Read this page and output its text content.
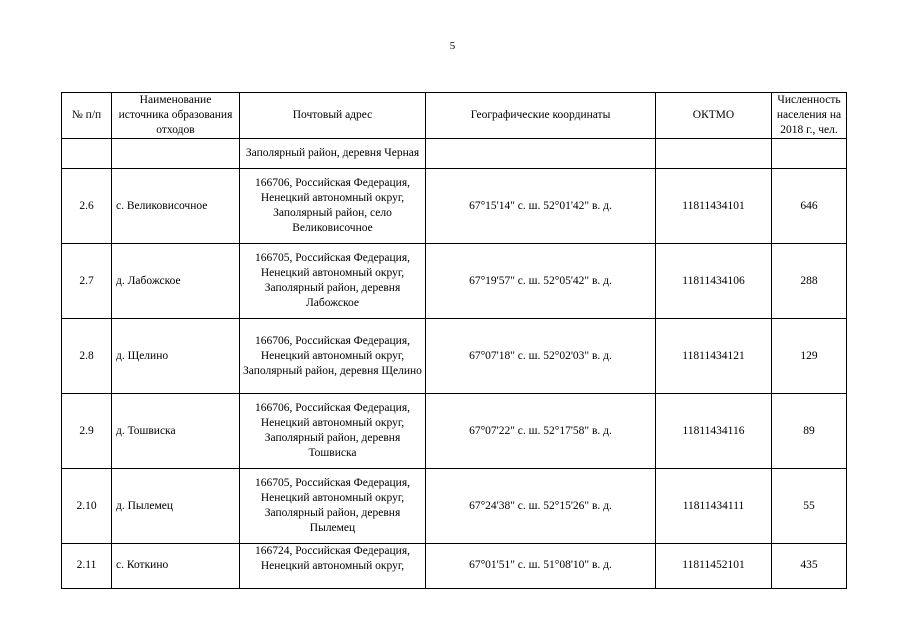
5
№ п/п	Наименование источника образования отходов	Почтовый адрес	Географические координаты	ОКТМО	Численность населения на 2018 г., чел.
		Заполярный район, деревня Черная			
2.6	с. Великовисочное	166706, Российская Федерация, Ненецкий автономный округ, Заполярный район, село Великовисочное	67°15'14" с. ш. 52°01'42" в. д.	11811434101	646
2.7	д. Лабожское	166705, Российская Федерация, Ненецкий автономный округ, Заполярный район, деревня Лабожское	67°19'57" с. ш. 52°05'42" в. д.	11811434106	288
2.8	д. Щелино	166706, Российская Федерация, Ненецкий автономный округ, Заполярный район, деревня Щелино	67°07'18" с. ш. 52°02'03" в. д.	11811434121	129
2.9	д. Тошвиска	166706, Российская Федерация, Ненецкий автономный округ, Заполярный район, деревня Тошвиска	67°07'22" с. ш. 52°17'58" в. д.	11811434116	89
2.10	д. Пылемец	166705, Российская Федерация, Ненецкий автономный округ, Заполярный район, деревня Пылемец	67°24'38" с. ш. 52°15'26" в. д.	11811434111	55
2.11	с. Коткино	166724, Российская Федерация, Ненецкий автономный округ,	67°01'51" с. ш. 51°08'10" в. д.	11811452101	435
